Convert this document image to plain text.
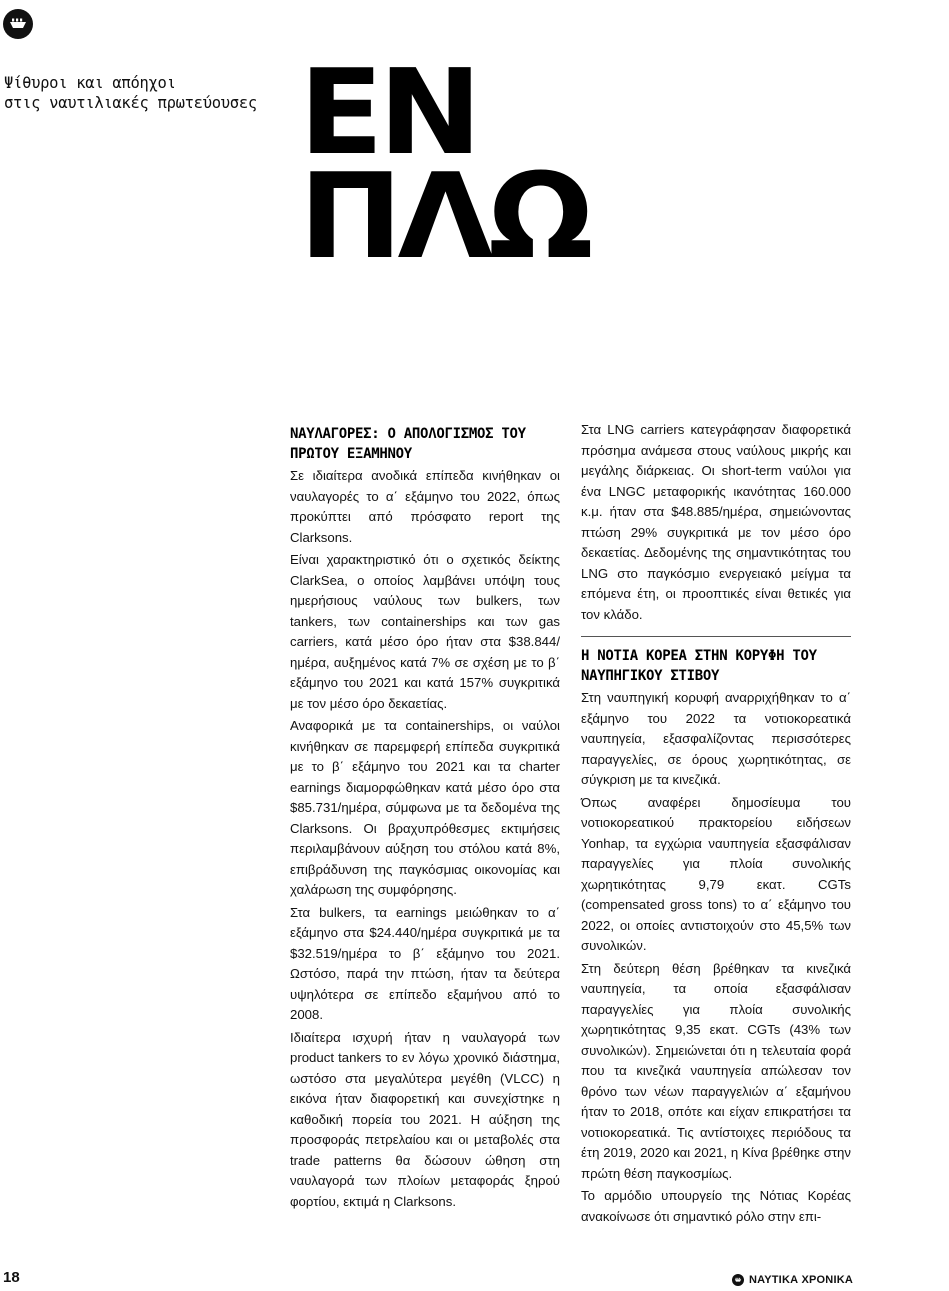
Ψίθυροι και απόηχοι
στις ναυτιλιακές πρωτεύουσες ΕΝ
ΠΛΩ
ΝΑΥΛΑΓΟΡΕΣ: Ο ΑΠΟΛΟΓΙΣΜΟΣ ΤΟΥ ΠΡΩΤΟΥ ΕΞΑΜΗΝΟΥ

Σε ιδιαίτερα ανοδικά επίπεδα κινήθηκαν οι ναυλαγορές το α΄ εξάμηνο του 2022, όπως προκύπτει από πρόσφατο report της Clarksons.

Είναι χαρακτηριστικό ότι ο σχετικός δείκτης ClarkSea, ο οποίος λαμβάνει υπόψη τους ημερήσιους ναύλους των bulkers, των tankers, των containerships και των gas carriers, κατά μέσο όρο ήταν στα $38.844/ ημέρα, αυξημένος κατά 7% σε σχέση με το β΄ εξάμηνο του 2021 και κατά 157% συγκριτικά με τον μέσο όρο δεκαετίας.

Αναφορικά με τα containerships, οι ναύλοι κινήθηκαν σε παρεμφερή επίπεδα συγκριτικά με το β΄ εξάμηνο του 2021 και τα charter earnings διαμορφώθηκαν κατά μέσο όρο στα $85.731/ημέρα, σύμφωνα με τα δεδομένα της Clarksons. Οι βραχυπρόθεσμες εκτιμήσεις περιλαμβάνουν αύξηση του στόλου κατά 8%, επιβράδυνση της παγκόσμιας οικονομίας και χαλάρωση της συμφόρησης.

Στα bulkers, τα earnings μειώθηκαν το α΄ εξάμηνο στα $24.440/ημέρα συγκριτικά με τα $32.519/ημέρα το β΄ εξάμηνο του 2021. Ωστόσο, παρά την πτώση, ήταν τα δεύτερα υψηλότερα σε επίπεδο εξαμήνου από το 2008.

Ιδιαίτερα ισχυρή ήταν η ναυλαγορά των product tankers το εν λόγω χρονικό διάστημα, ωστόσο στα μεγαλύτερα μεγέθη (VLCC) η εικόνα ήταν διαφορετική και συνεχίστηκε η καθοδική πορεία του 2021. Η αύξηση της προσφοράς πετρελαίου και οι μεταβολές στα trade patterns θα δώσουν ώθηση στη ναυλαγορά των πλοίων μεταφοράς ξηρού φορτίου, εκτιμά η Clarksons.

Στα LNG carriers κατεγράφησαν διαφορετικά πρόσημα ανάμεσα στους ναύλους μικρής και μεγάλης διάρκειας. Οι short-term ναύλοι για ένα LNGC μεταφορικής ικανότητας 160.000 κ.μ. ήταν στα $48.885/ημέρα, σημειώνοντας πτώση 29% συγκριτικά με τον μέσο όρο δεκαετίας. Δεδομένης της σημαντικότητας του LNG στο παγκόσμιο ενεργειακό μείγμα τα επόμενα έτη, οι προοπτικές είναι θετικές για τον κλάδο.

Η ΝΟΤΙΑ ΚΟΡΕΑ ΣΤΗΝ ΚΟΡΥΦΗ ΤΟΥ ΝΑΥΠΗΓΙΚΟΥ ΣΤΙΒΟΥ

Στη ναυπηγική κορυφή αναρριχήθηκαν το α΄ εξάμηνο του 2022 τα νοτιοκορεατικά ναυπηγεία, εξασφαλίζοντας περισσότερες παραγγελίες, σε όρους χωρητικότητας, σε σύγκριση με τα κινεζικά.

Όπως αναφέρει δημοσίευμα του νοτιοκορεατικού πρακτορείου ειδήσεων Yonhap, τα εγχώρια ναυπηγεία εξασφάλισαν παραγγελίες για πλοία συνολικής χωρητικότητας 9,79 εκατ. CGTs (compensated gross tons) το α΄ εξάμηνο του 2022, οι οποίες αντιστοιχούν στο 45,5% των συνολικών.

Στη δεύτερη θέση βρέθηκαν τα κινεζικά ναυπηγεία, τα οποία εξασφάλισαν παραγγελίες για πλοία συνολικής χωρητικότητας 9,35 εκατ. CGTs (43% των συνολικών). Σημειώνεται ότι η τελευταία φορά που τα κινεζικά ναυπηγεία απώλεσαν τον θρόνο των νέων παραγγελιών α΄ εξαμήνου ήταν το 2018, οπότε και είχαν επικρατήσει τα νοτιοκορεατικά. Τις αντίστοιχες περιόδους τα έτη 2019, 2020 και 2021, η Κίνα βρέθηκε στην πρώτη θέση παγκοσμίως.

Το αρμόδιο υπουργείο της Νότιας Κορέας ανακοίνωσε ότι σημαντικό ρόλο στην επι-

18	ΝΑΥΤΙΚΑ ΧΡΟΝΙΚΑ
